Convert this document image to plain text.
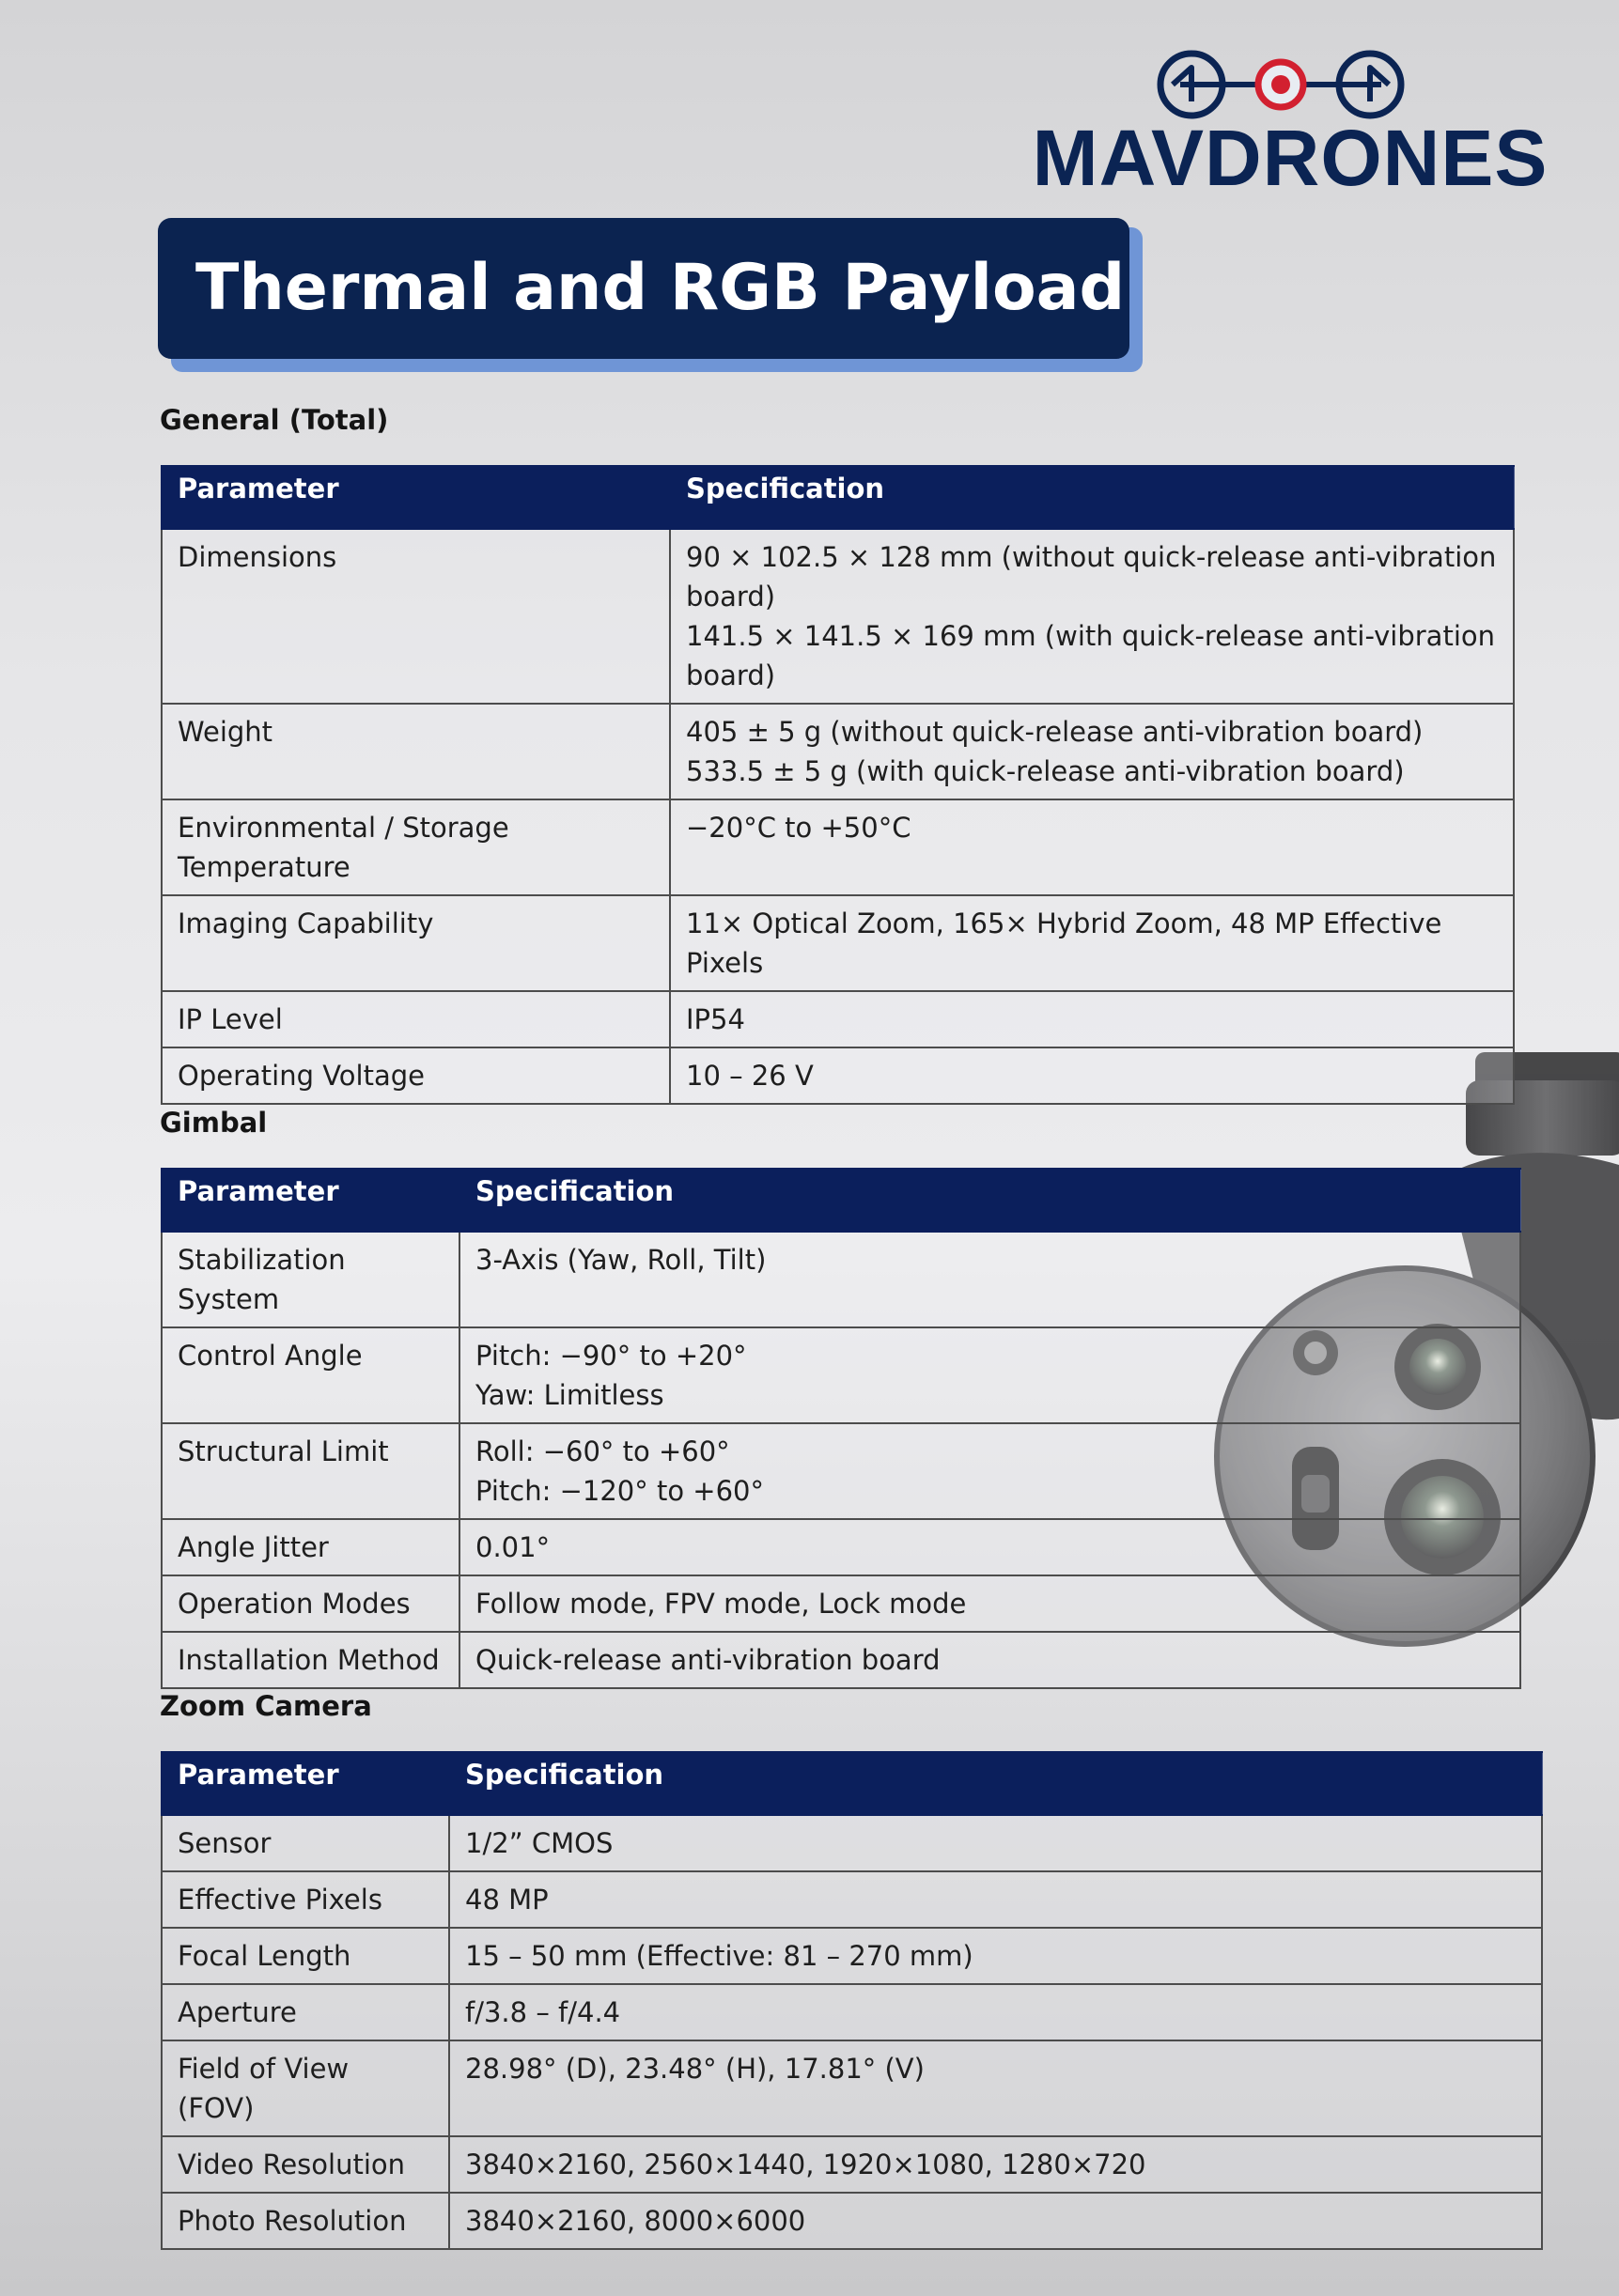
MAVDRONES
Thermal and RGB Payload
General (Total)
Parameter	Specification
Dimensions	90 × 102.5 × 128 mm (without quick-release anti-vibration
board)
141.5 × 141.5 × 169 mm (with quick-release anti-vibration
board)

Weight	405 ± 5 g (without quick-release anti-vibration board)
533.5 ± 5 g (with quick-release anti-vibration board)

Environmental / Storage Temperature	−20°C to +50°C

Imaging Capability	11× Optical Zoom, 165× Hybrid Zoom, 48 MP Effective Pixels

IP Level	IP54

Operating Voltage	10 – 26 V
Gimbal
Parameter	Specification
Stabilization System	3-Axis (Yaw, Roll, Tilt)

Control Angle	Pitch: −90° to +20°
Yaw: Limitless

Structural Limit	Roll: −60° to +60°
Pitch: −120° to +60°

Angle Jitter	0.01°

Operation Modes	Follow mode, FPV mode, Lock mode

Installation Method	Quick-release anti-vibration board
Zoom Camera
Parameter	Specification
Sensor	1/2” CMOS

Effective Pixels	48 MP

Focal Length	15 – 50 mm (Effective: 81 – 270 mm)

Aperture	f/3.8 – f/4.4

Field of View (FOV)	28.98° (D), 23.48° (H), 17.81° (V)

Video Resolution	3840×2160, 2560×1440, 1920×1080, 1280×720

Photo Resolution	3840×2160, 8000×6000
